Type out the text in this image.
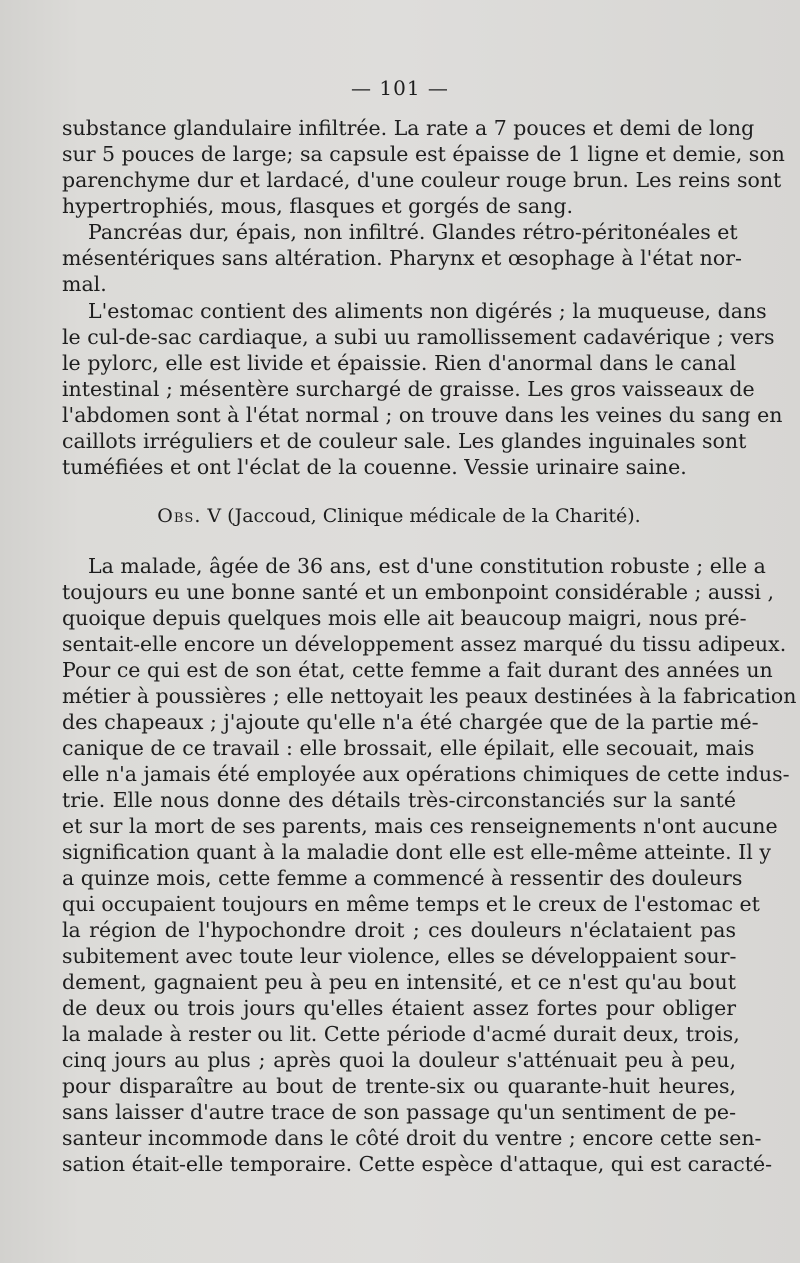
— 101 —
substance glandulaire infiltrée. La rate a 7 pouces et demi de long
sur 5 pouces de large; sa capsule est épaisse de 1 ligne et demie, son
parenchyme dur et lardacé, d'une couleur rouge brun. Les reins sont
hypertrophiés, mous, flasques et gorgés de sang.
Pancréas dur, épais, non infiltré. Glandes rétro-péritonéales et
mésentériques sans altération. Pharynx et œsophage à l'état nor-
mal.
L'estomac contient des aliments non digérés ; la muqueuse, dans
le cul-de-sac cardiaque, a subi uu ramollissement cadavérique ; vers
le pylorc, elle est livide et épaissie. Rien d'anormal dans le canal
intestinal ; mésentère surchargé de graisse. Les gros vaisseaux de
l'abdomen sont à l'état normal ; on trouve dans les veines du sang en
caillots irréguliers et de couleur sale. Les glandes inguinales sont
tuméfiées et ont l'éclat de la couenne. Vessie urinaire saine.
Obs. V (Jaccoud, Clinique médicale de la Charité).
La malade, âgée de 36 ans, est d'une constitution robuste ; elle a
toujours eu une bonne santé et un embonpoint considérable ; aussi ,
quoique depuis quelques mois elle ait beaucoup maigri, nous pré-
sentait-elle encore un développement assez marqué du tissu adipeux.
Pour ce qui est de son état, cette femme a fait durant des années un
métier à poussières ; elle nettoyait les peaux destinées à la fabrication
des chapeaux ; j'ajoute qu'elle n'a été chargée que de la partie mé-
canique de ce travail : elle brossait, elle épilait, elle secouait, mais
elle n'a jamais été employée aux opérations chimiques de cette indus-
trie. Elle nous donne des détails très-circonstanciés sur la santé
et sur la mort de ses parents, mais ces renseignements n'ont aucune
signification quant à la maladie dont elle est elle-même atteinte. Il y
a quinze mois, cette femme a commencé à ressentir des douleurs
qui occupaient toujours en même temps et le creux de l'estomac et
la région de l'hypochondre droit ; ces douleurs n'éclataient pas
subitement avec toute leur violence, elles se développaient sour-
dement, gagnaient peu à peu en intensité, et ce n'est qu'au bout
de deux ou trois jours qu'elles étaient assez fortes pour obliger
la malade à rester ou lit. Cette période d'acmé durait deux, trois,
cinq jours au plus ; après quoi la douleur s'atténuait peu à peu,
pour disparaître au bout de trente-six ou quarante-huit heures,
sans laisser d'autre trace de son passage qu'un sentiment de pe-
santeur incommode dans le côté droit du ventre ; encore cette sen-
sation était-elle temporaire. Cette espèce d'attaque, qui est caracté-
